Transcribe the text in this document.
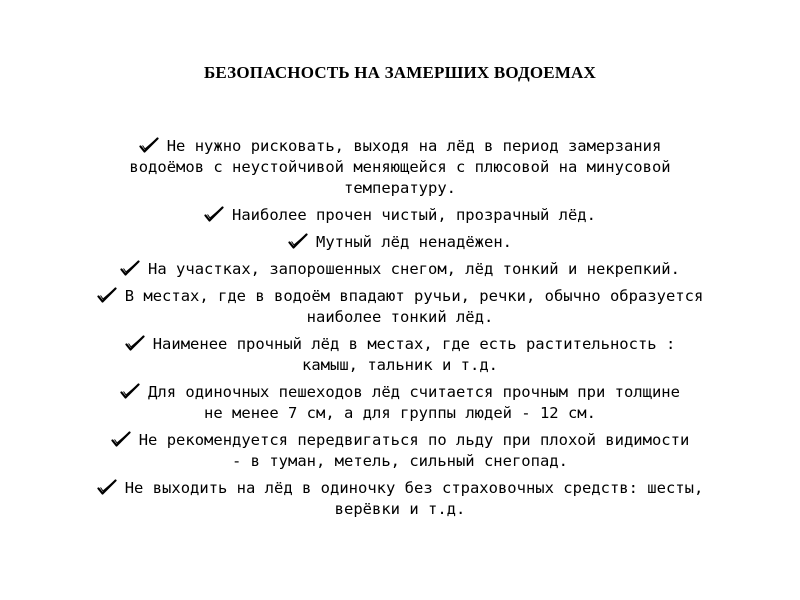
БЕЗОПАСНОСТЬ НА ЗАМЕРШИХ ВОДОЕМАХ
Не нужно рисковать, выходя на лёд в период замерзания
водоёмов с неустойчивой меняющейся с плюсовой на минусовой
температуру.
Наиболее прочен чистый, прозрачный лёд.
Мутный лёд ненадёжен.
На участках, запорошенных снегом, лёд тонкий и некрепкий.
В местах, где в водоём впадают ручьи, речки, обычно образуется
наиболее тонкий лёд.
Наименее прочный лёд в местах, где есть растительность :
камыш, тальник и т.д.
Для одиночных пешеходов лёд считается прочным при толщине
не менее 7 см, а для группы людей - 12 см.
Не рекомендуется передвигаться по льду при плохой видимости
- в туман, метель, сильный снегопад.
Не выходить на лёд в одиночку без страховочных средств: шесты,
верёвки и т.д.
